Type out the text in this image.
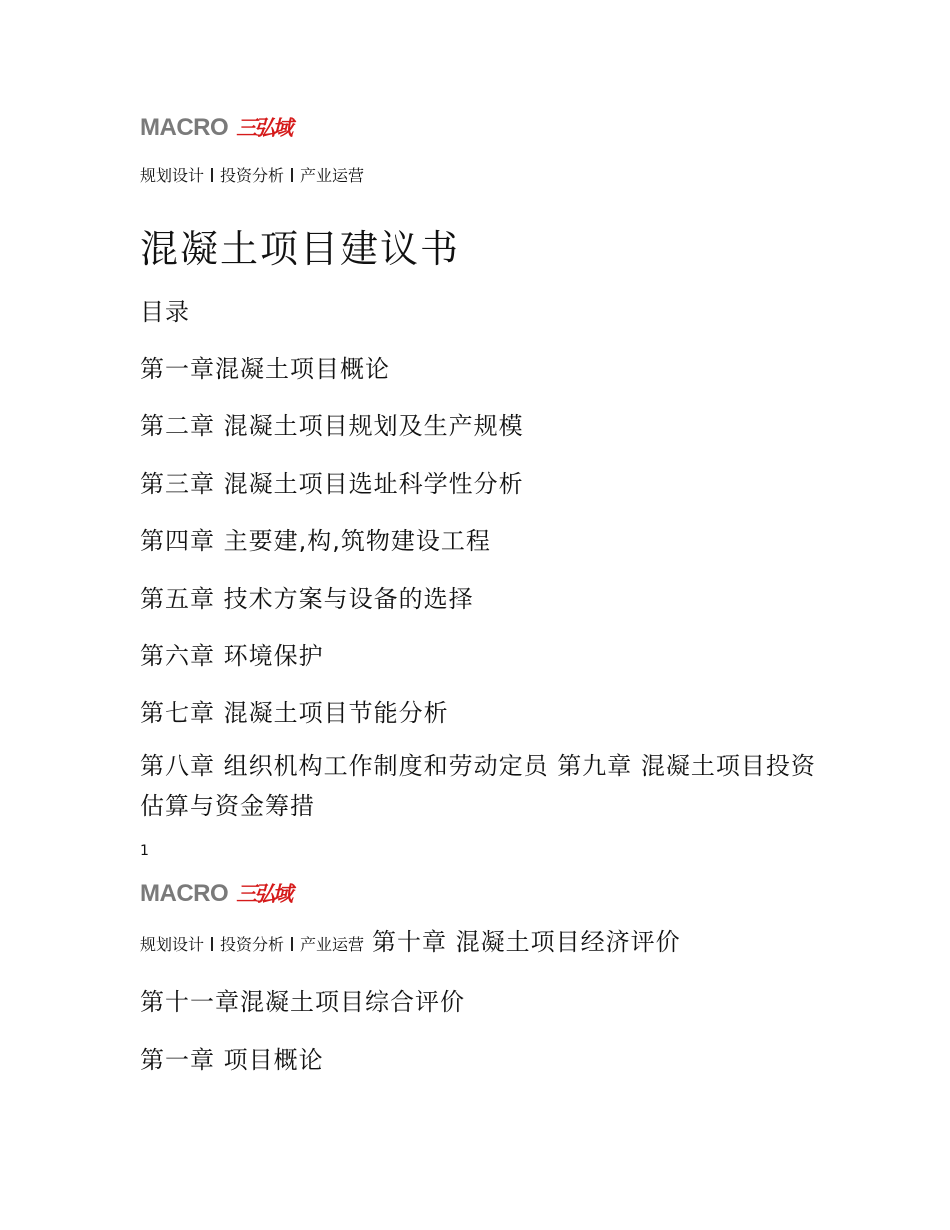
MACRO 三弘域
规划设计 投资分析 产业运营
混凝土项目建议书
目录
第一章混凝土项目概论
第二章 混凝土项目规划及生产规模
第三章 混凝土项目选址科学性分析
第四章 主要建,构,筑物建设工程
第五章 技术方案与设备的选择
第六章 环境保护
第七章 混凝土项目节能分析
第八章 组织机构工作制度和劳动定员 第九章 混凝土项目投资估算与资金筹措
1
MACRO 三弘域
规划设计 投资分析 产业运营 第十章 混凝土项目经济评价
第十一章混凝土项目综合评价
第一章 项目概论
